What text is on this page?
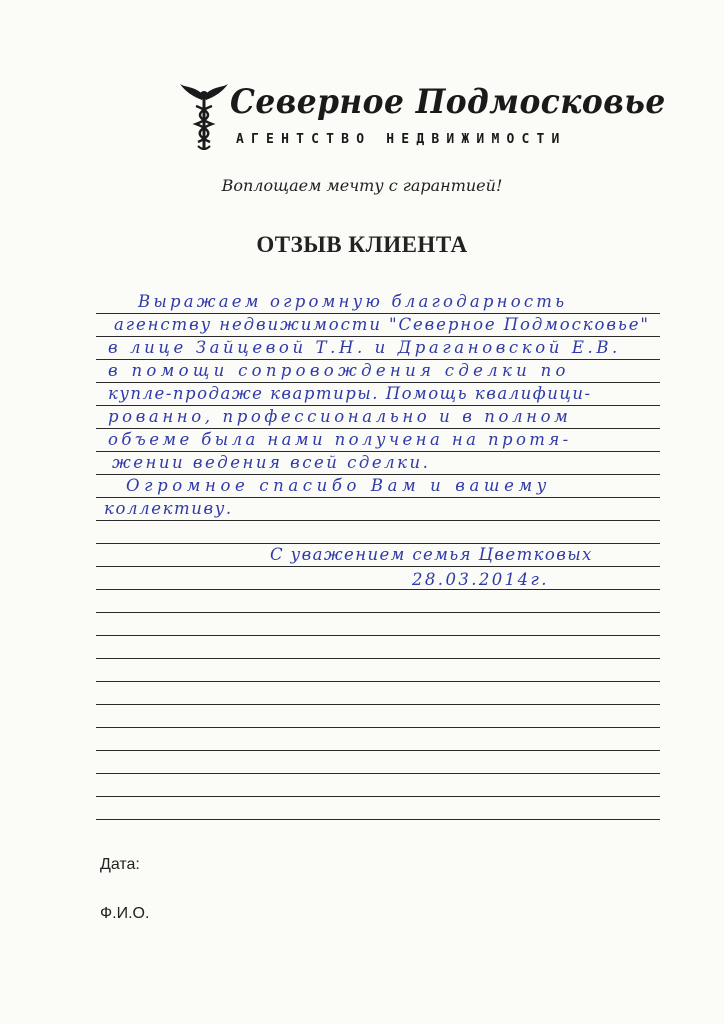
Северное Подмосковье
АГЕНТСТВО НЕДВИЖИМОСТИ
Воплощаем мечту с гарантией!
ОТЗЫВ КЛИЕНТА
Выражаем огромную благодарность
агенству недвижимости "Северное Подмосковье"
в лице Зайцевой Т.Н. и Драгановской Е.В.
в помощи сопровождения сделки по
купле-продаже квартиры. Помощь квалифици-
рованно, профессионально и в полном
объеме была нами получена на протя-
жении ведения всей сделки.
Огромное спасибо Вам и вашему
коллективу.
С уважением семья Цветковых
28.03.2014г.
Дата:
Ф.И.О.
